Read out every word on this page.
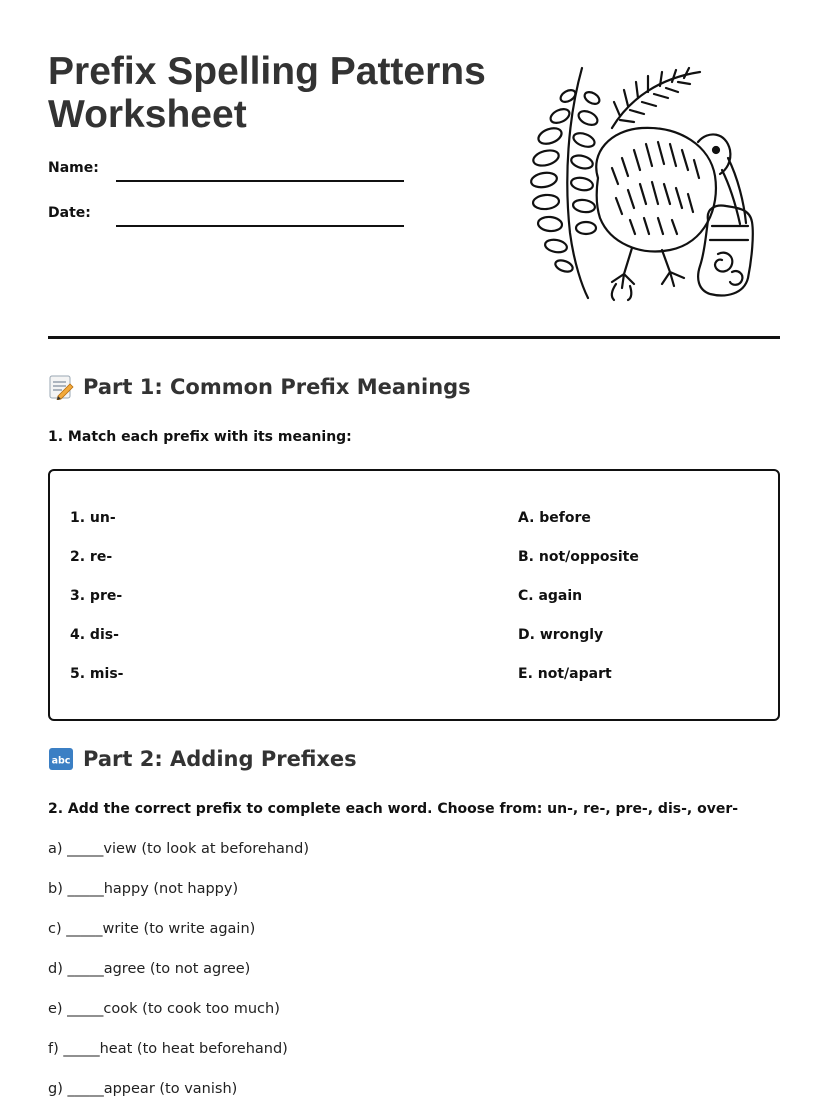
Prefix Spelling Patterns Worksheet
Name:
Date:
Part 1: Common Prefix Meanings
1. Match each prefix with its meaning:
1. un-
2. re-
3. pre-
4. dis-
5. mis-
A. before
B. not/opposite
C. again
D. wrongly
E. not/apart
abc Part 2: Adding Prefixes
2. Add the correct prefix to complete each word. Choose from: un-, re-, pre-, dis-, over-
a) _____view (to look at beforehand)
b) _____happy (not happy)
c) _____write (to write again)
d) _____agree (to not agree)
e) _____cook (to cook too much)
f) _____heat (to heat beforehand)
g) _____appear (to vanish)
